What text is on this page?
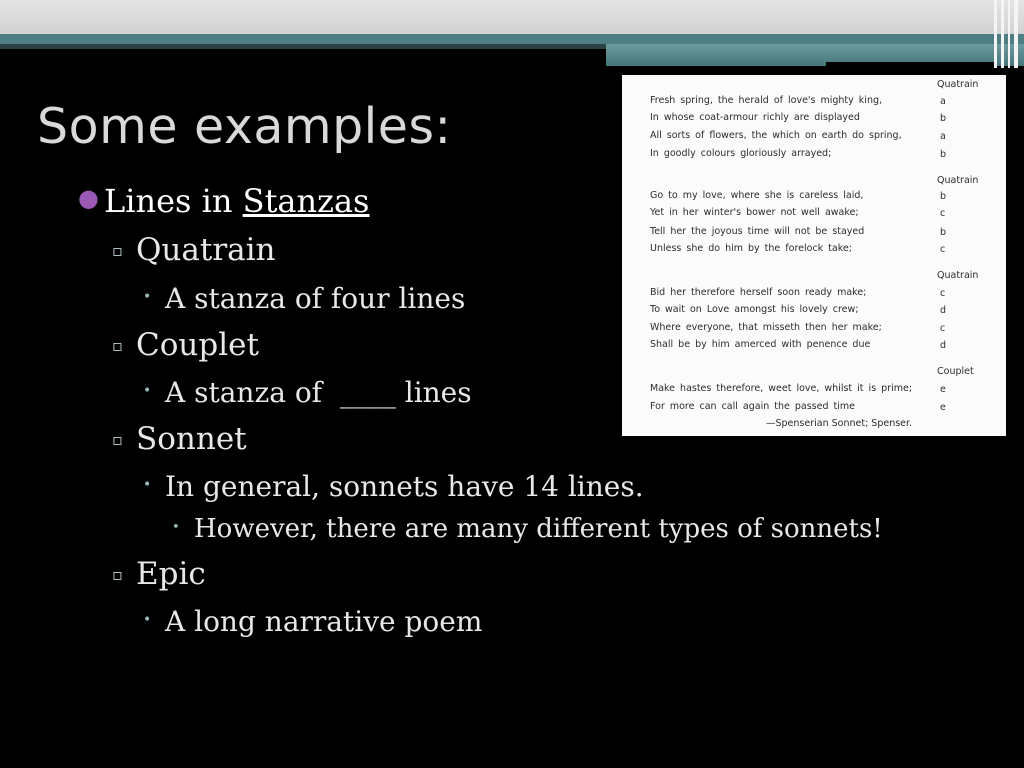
Some examples:
● Lines in Stanzas
▫ Quatrain
• A stanza of four lines
▫ Couplet
• A stanza of  ____ lines
▫ Sonnet
• In general, sonnets have 14 lines.
• However, there are many different types of sonnets!
▫ Epic
• A long narrative poem
Quatrain
Fresh spring, the herald of love's mighty king,	a
In whose coat-armour richly are displayed	b
All sorts of flowers, the which on earth do spring,	a
In goodly colours gloriously arrayed;	b
Quatrain
Go to my love, where she is careless laid,	b
Yet in her winter's bower not well awake;	c
Tell her the joyous time will not be stayed	b
Unless she do him by the forelock take;	c
Quatrain
Bid her therefore herself soon ready make;	c
To wait on Love amongst his lovely crew;	d
Where everyone, that misseth then her make;	c
Shall be by him amerced with penence due	d
Couplet
Make hastes therefore, weet love, whilst it is prime;	e
For more can call again the passed time	e
—Spenserian Sonnet; Spenser.
